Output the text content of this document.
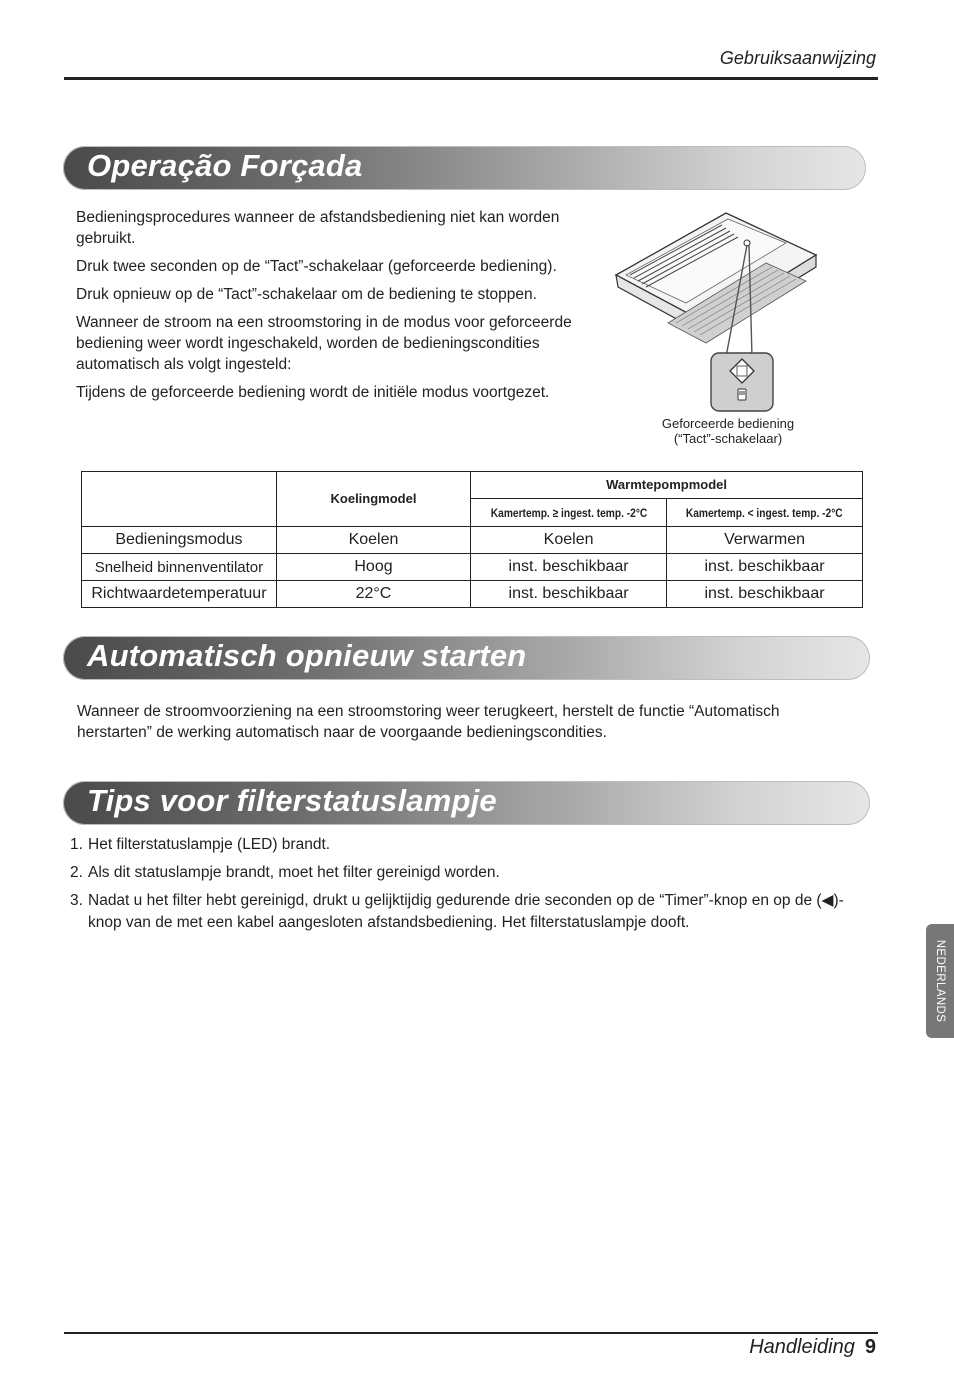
Gebruiksaanwijzing
Operação Forçada

Bedieningsprocedures wanneer de afstandsbediening niet kan worden gebruikt.

Druk twee seconden op de “Tact”-schakelaar (geforceerde bediening).

Druk opnieuw op de “Tact”-schakelaar om de bediening te stoppen.

Wanneer de stroom na een stroomstoring in de modus voor geforceerde bediening weer wordt ingeschakeld, worden de bedieningscondities automatisch als volgt ingesteld:

Tijdens de geforceerde bediening wordt de initiële modus voortgezet.

Geforceerde bediening
(“Tact”-schakelaar)
	Koelingmodel	Warmtepompmodel	
		Kamertemp. ≥ ingest. temp. -2°C	Kamertemp. < ingest. temp. -2°C
Bedieningsmodus	Koelen	Koelen	Verwarmen
Snelheid binnenventilator	Hoog	inst. beschikbaar	inst. beschikbaar
Richtwaardetemperatuur	22°C	inst. beschikbaar	inst. beschikbaar
Automatisch opnieuw starten
Wanneer de stroomvoorziening na een stroomstoring weer terugkeert, herstelt de functie “Automatisch herstarten” de werking automatisch naar de voorgaande bedieningscondities.
Tips voor filterstatuslampje
1. Het filterstatuslampje (LED) brandt.
2. Als dit statuslampje brandt, moet het filter gereinigd worden.
3. Nadat u het filter hebt gereinigd, drukt u gelijktijdig gedurende drie seconden op de “Timer”-knop en op de (◀)-knop van de met een kabel aangesloten afstandsbediening. Het filterstatuslampje dooft.
NEDERLANDS
Handleiding 9
